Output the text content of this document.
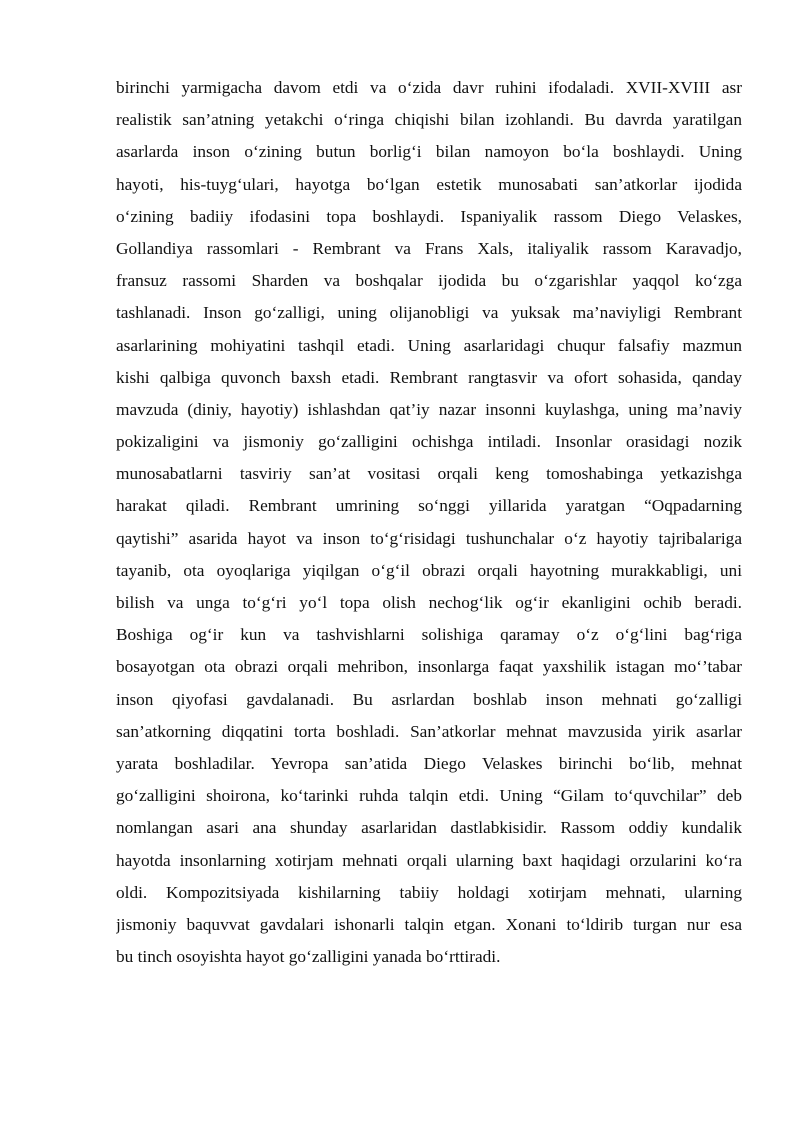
birinchi yarmigacha davom etdi va o‘zida davr ruhini ifodaladi. XVII-XVIII asr
realistik san’atning yetakchi o‘ringa chiqishi bilan izohlandi. Bu davrda yaratilgan
asarlarda inson o‘zining butun borlig‘i bilan namoyon bo‘la boshlaydi. Uning
hayoti, his-tuyg‘ulari, hayotga bo‘lgan estetik munosabati san’atkorlar ijodida
o‘zining badiiy ifodasini topa boshlaydi. Ispaniyalik rassom Diego Velaskes,
Gollandiya rassomlari - Rembrant va Frans Xals, italiyalik rassom Karavadjo,
fransuz rassomi Sharden va boshqalar ijodida bu o‘zgarishlar yaqqol ko‘zga
tashlanadi. Inson go‘zalligi, uning olijanobligi va yuksak ma’naviyligi Rembrant
asarlarining mohiyatini tashqil etadi. Uning asarlaridagi chuqur falsafiy mazmun
kishi qalbiga quvonch baxsh etadi. Rembrant rangtasvir va ofort sohasida, qanday
mavzuda (diniy, hayotiy) ishlashdan qat’iy nazar insonni kuylashga, uning ma’naviy
pokizaligini va jismoniy go‘zalligini ochishga intiladi. Insonlar orasidagi nozik
munosabatlarni tasviriy san’at vositasi orqali keng tomoshabinga yetkazishga
harakat qiladi. Rembrant umrining so‘nggi yillarida yaratgan “Oqpadarning
qaytishi” asarida hayot va inson to‘g‘risidagi tushunchalar o‘z hayotiy tajribalariga
tayanib, ota oyoqlariga yiqilgan o‘g‘il obrazi orqali hayotning murakkabligi, uni
bilish va unga to‘g‘ri yo‘l topa olish nechog‘lik og‘ir ekanligini ochib beradi.
Boshiga og‘ir kun va tashvishlarni solishiga qaramay o‘z o‘g‘lini bag‘riga
bosayotgan ota obrazi orqali mehribon, insonlarga faqat yaxshilik istagan mo‘’tabar
inson qiyofasi gavdalanadi. Bu asrlardan boshlab inson mehnati go‘zalligi
san’atkorning diqqatini torta boshladi. San’atkorlar mehnat mavzusida yirik asarlar
yarata boshladilar. Yevropa san’atida Diego Velaskes birinchi bo‘lib, mehnat
go‘zalligini shoirona, ko‘tarinki ruhda talqin etdi. Uning “Gilam to‘quvchilar” deb
nomlangan asari ana shunday asarlaridan dastlabkisidir. Rassom oddiy kundalik
hayotda insonlarning xotirjam mehnati orqali ularning baxt haqidagi orzularini ko‘ra
oldi. Kompozitsiyada kishilarning tabiiy holdagi xotirjam mehnati, ularning
jismoniy baquvvat gavdalari ishonarli talqin etgan. Xonani to‘ldirib turgan nur esa
bu tinch osoyishta hayot go‘zalligini yanada bo‘rttiradi.
